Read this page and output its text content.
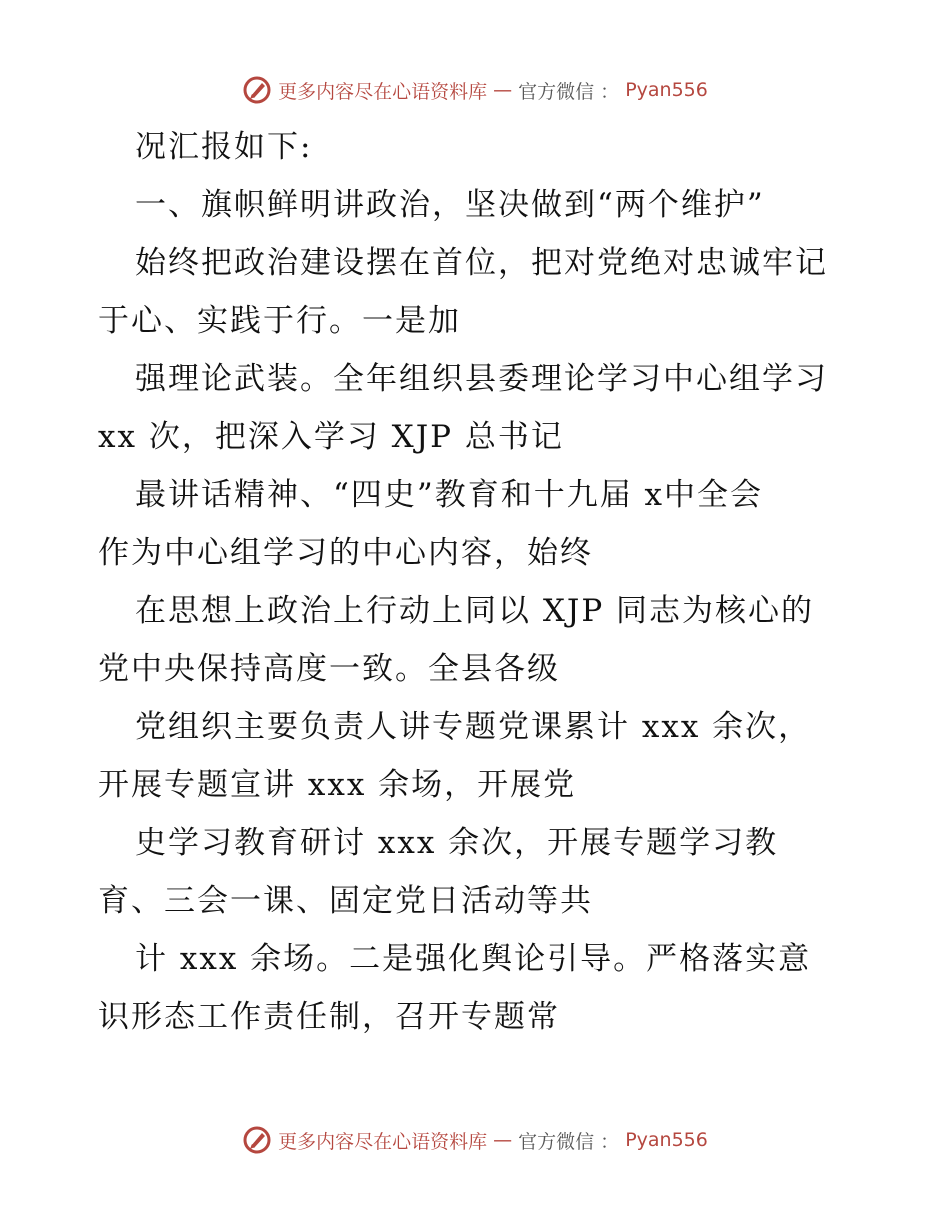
更多内容尽在心语资料库 — 官方微信 ： Pyan556
况汇报如下:
一、旗帜鲜明讲政治，坚决做到“两个维护”
始终把政治建设摆在首位，把对党绝对忠诚牢记
于心、实践于行。一是加
强理论武装。全年组织县委理论学习中心组学习
xx 次，把深入学习 XJP 总书记
最讲话精神、“四史”教育和十九届 x中全会
作为中心组学习的中心内容，始终
在思想上政治上行动上同以 XJP 同志为核心的
党中央保持高度一致。全县各级
党组织主要负责人讲专题党课累计 xxx 余次，
开展专题宣讲 xxx 余场，开展党
史学习教育研讨 xxx 余次，开展专题学习教
育、三会一课、固定党日活动等共
计 xxx 余场。二是强化舆论引导。严格落实意
识形态工作责任制，召开专题常
更多内容尽在心语资料库 — 官方微信 ： Pyan556
